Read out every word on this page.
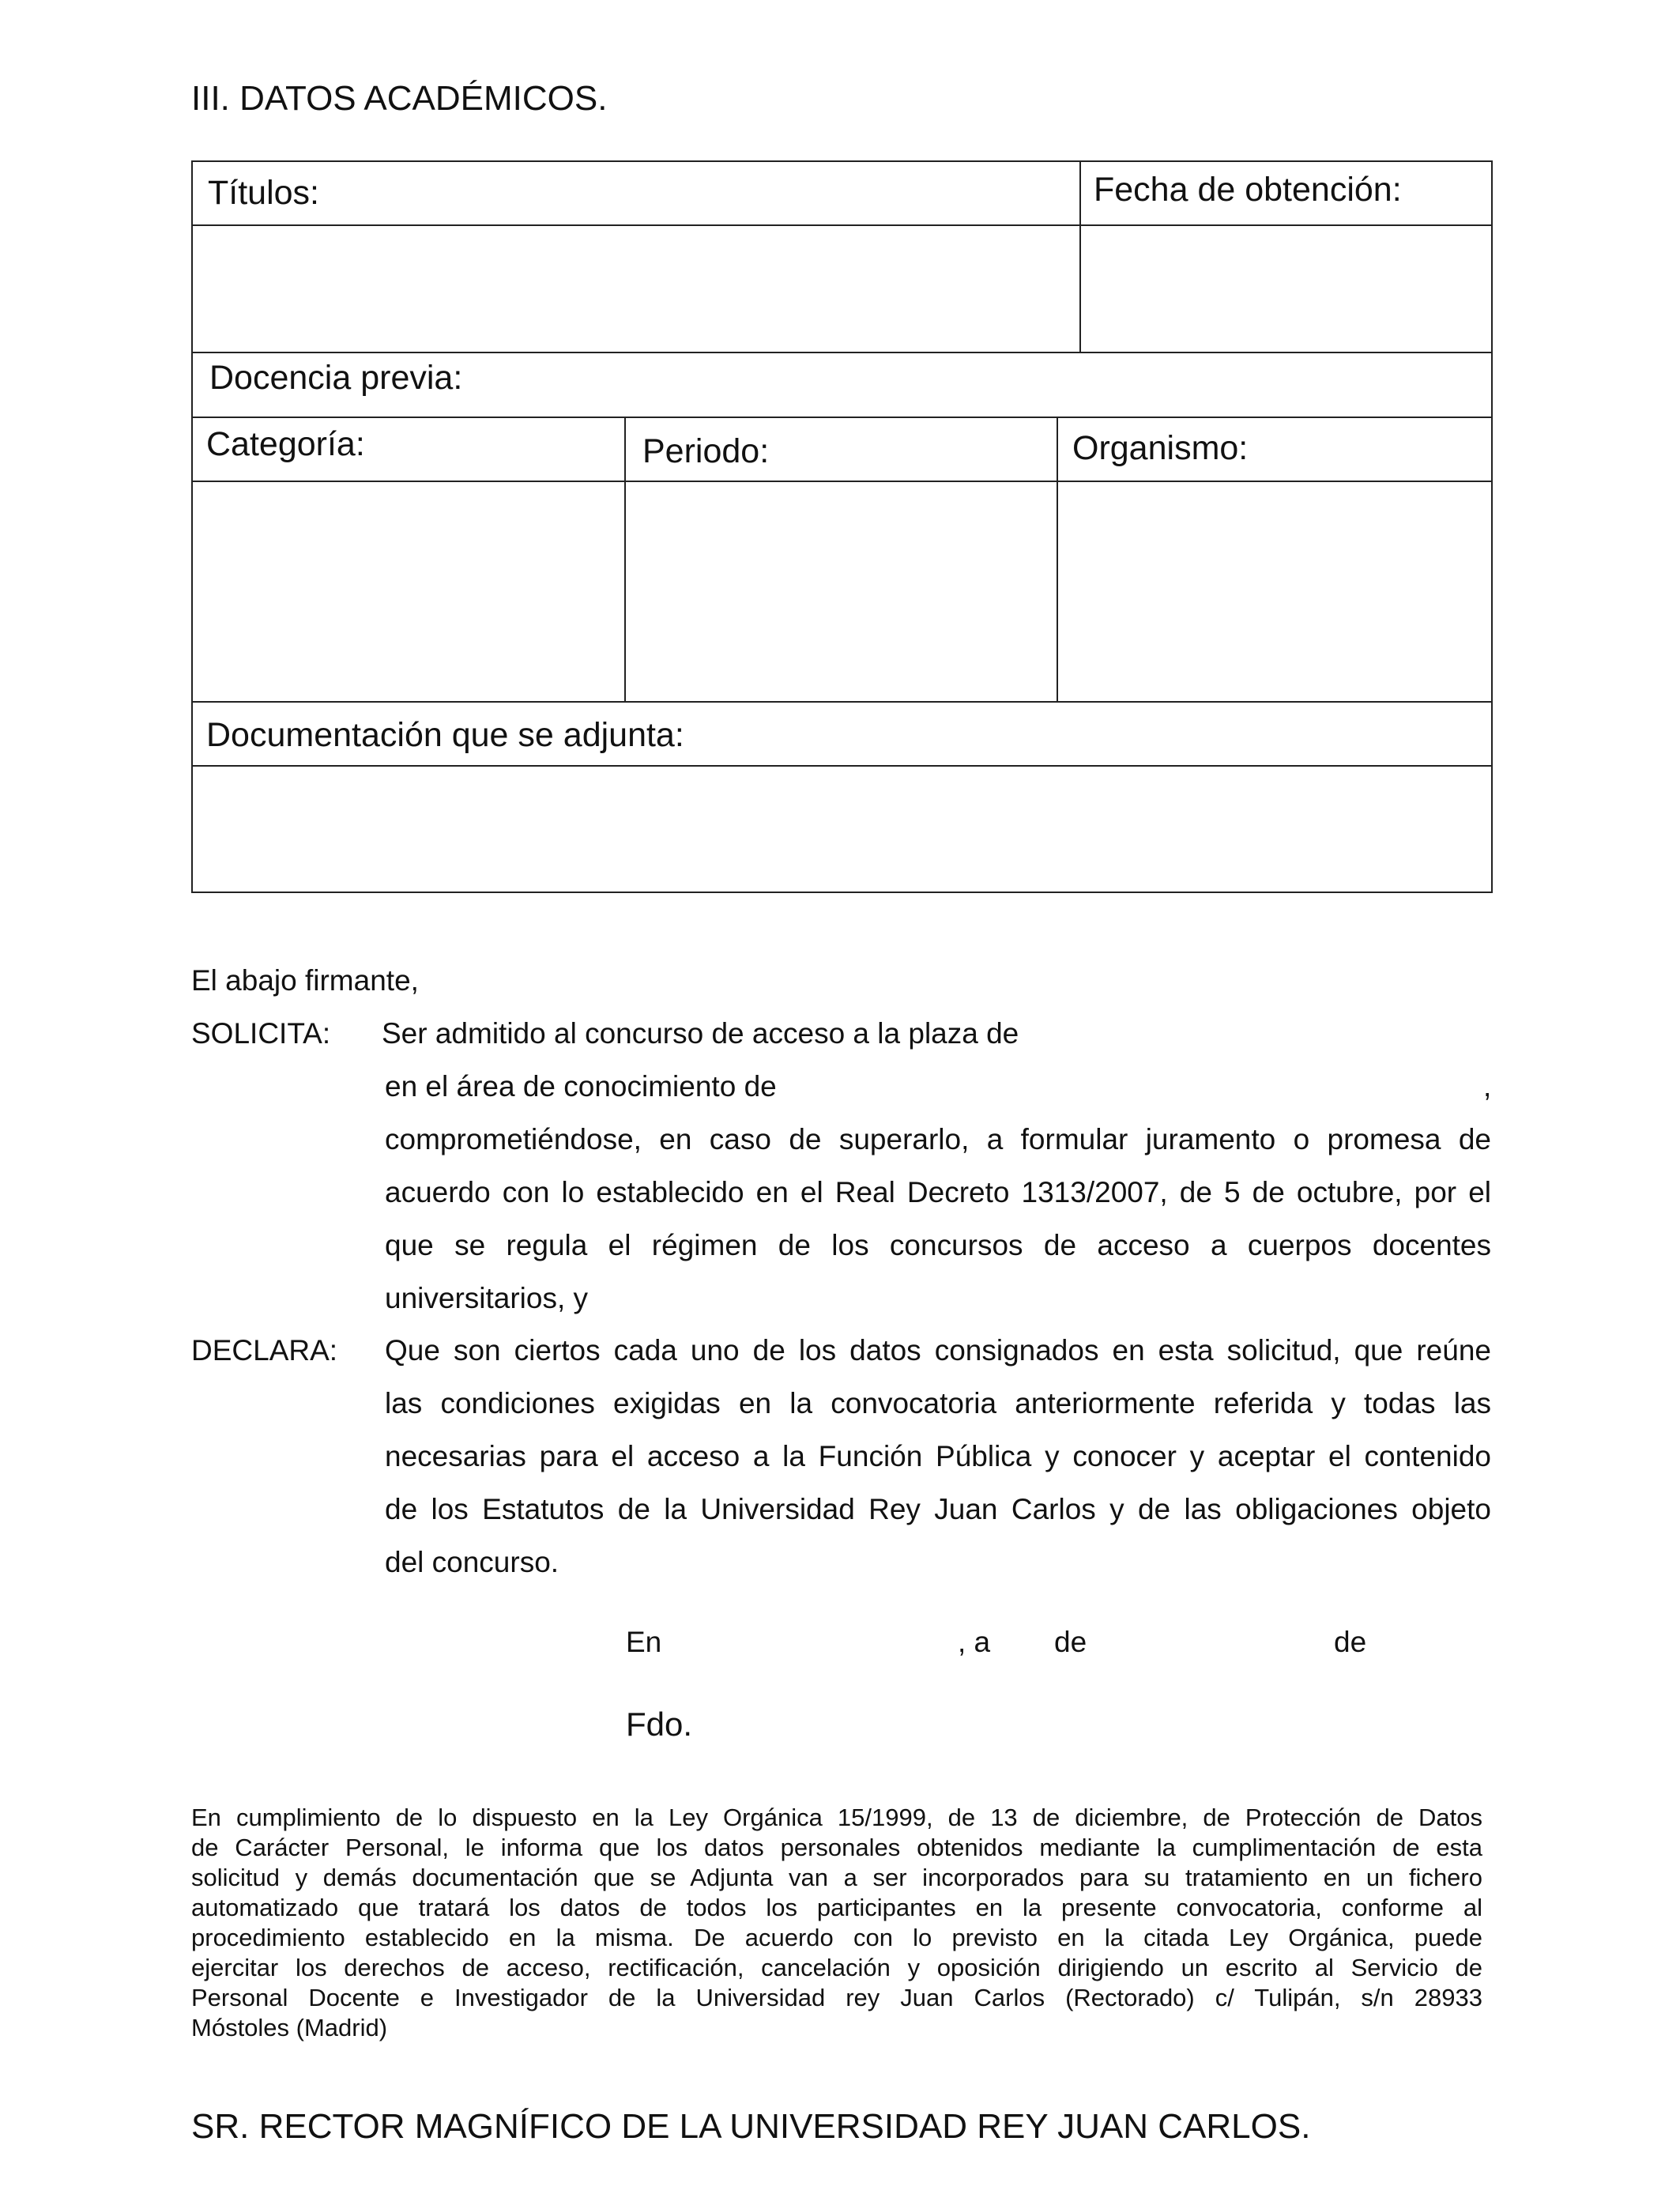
III. DATOS ACADÉMICOS.
Títulos:	Fecha de obtención:
Docencia previa:
Categoría:	Periodo:	Organismo:
Documentación que se adjunta:
El abajo firmante,
SOLICITA: Ser admitido al concurso de acceso a la plaza de
en el área de conocimiento de	,
comprometiéndose, en caso de superarlo, a formular juramento o promesa de
acuerdo con lo establecido en el Real Decreto 1313/2007, de 5 de octubre, por el
que se regula el régimen de los concursos de acceso a cuerpos docentes
universitarios, y
DECLARA: Que son ciertos cada uno de los datos consignados en esta solicitud, que reúne
las condiciones exigidas en la convocatoria anteriormente referida y todas las
necesarias para el acceso a la Función Pública y conocer y aceptar el contenido
de los Estatutos de la Universidad Rey Juan Carlos y de las obligaciones objeto
del concurso.
En	, a de	de
Fdo.
En cumplimiento de lo dispuesto en la Ley Orgánica 15/1999, de 13 de diciembre, de Protección de Datos
de Carácter Personal, le informa que los datos personales obtenidos mediante la cumplimentación de esta
solicitud y demás documentación que se Adjunta van a ser incorporados para su tratamiento en un fichero
automatizado que tratará los datos de todos los participantes en la presente convocatoria, conforme al
procedimiento establecido en la misma. De acuerdo con lo previsto en la citada Ley Orgánica, puede
ejercitar los derechos de acceso, rectificación, cancelación y oposición dirigiendo un escrito al Servicio de
Personal Docente e Investigador de la Universidad rey Juan Carlos (Rectorado) c/ Tulipán, s/n 28933
Móstoles (Madrid)
SR. RECTOR MAGNÍFICO DE LA UNIVERSIDAD REY JUAN CARLOS.
